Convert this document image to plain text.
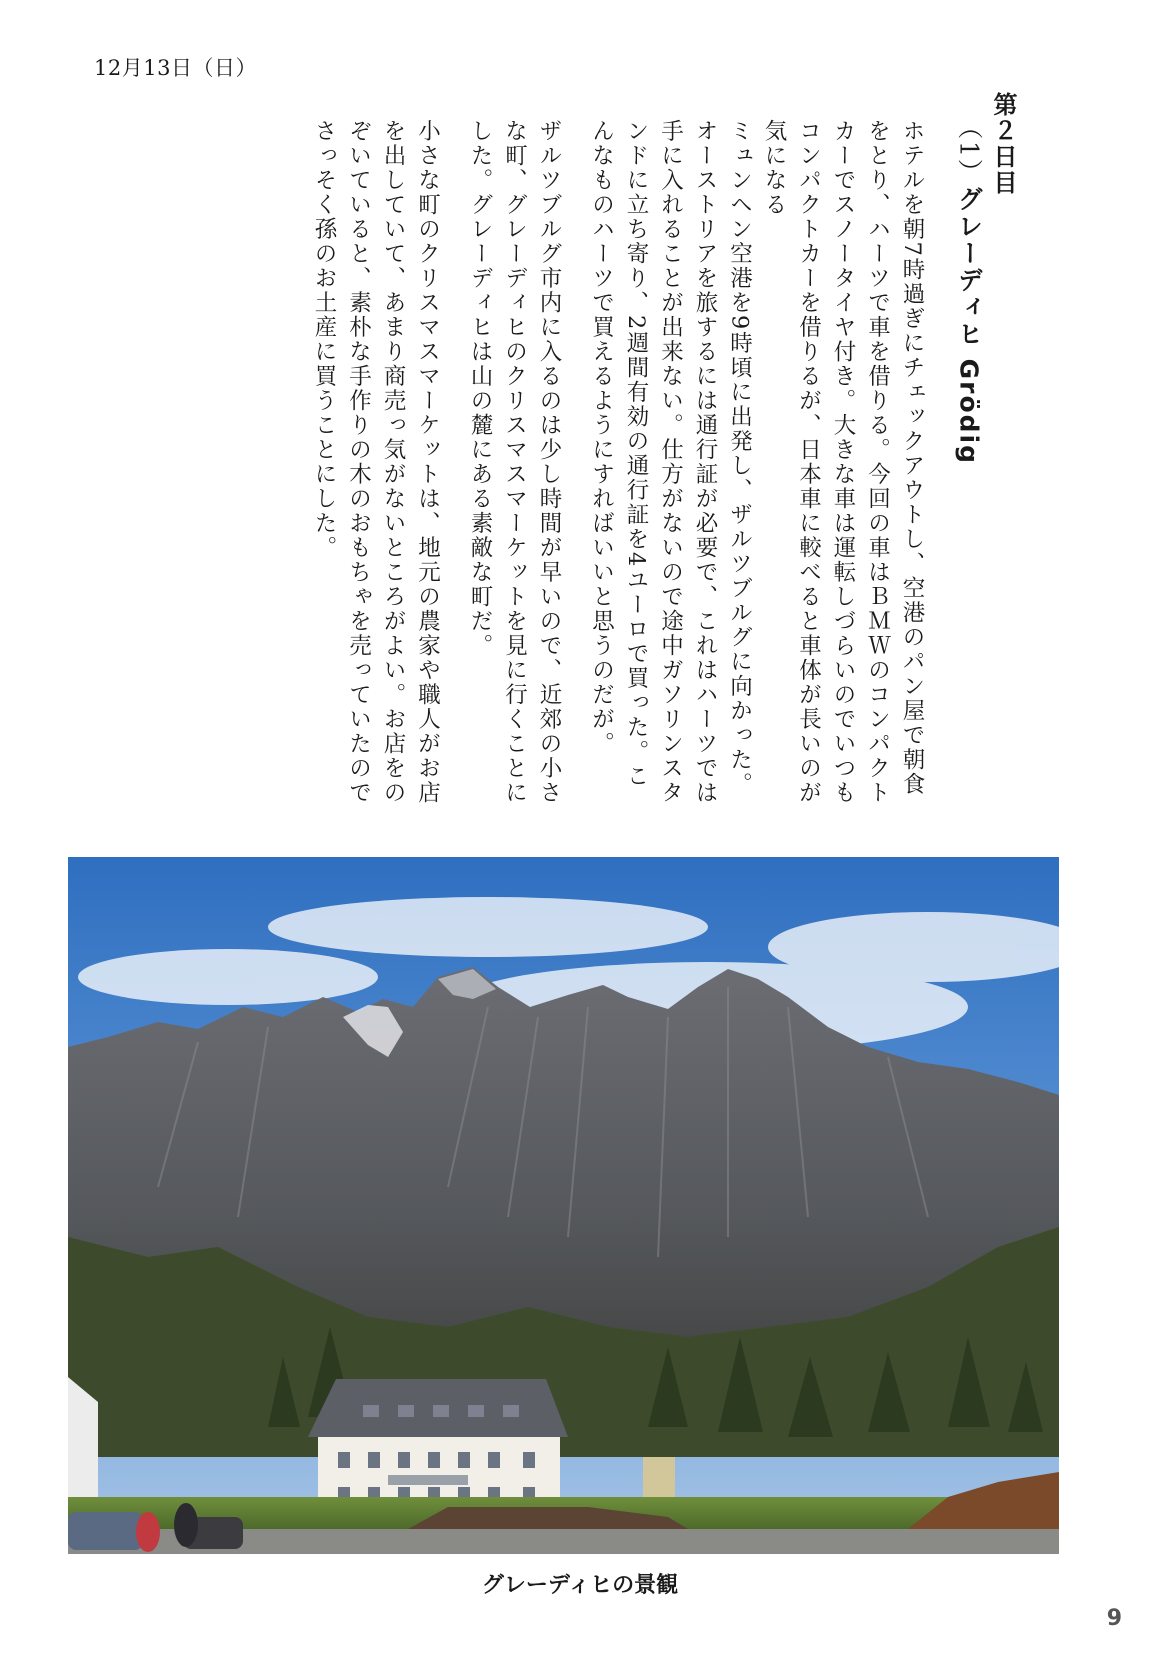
12月13日（日）
第２日目
（1）グレーディヒ Grödig

ホテルを朝7時過ぎにチェックアウトし、空港のパン屋で朝食をとり、ハーツで車を借りる。今回の車はＢＭＷのコンパクトカーでスノータイヤ付き。大きな車は運転しづらいのでいつもコンパクトカーを借りるが、日本車に較べると車体が長いのが気になる

ミュンヘン空港を9時頃に出発し、ザルツブルグに向かった。オーストリアを旅するには通行証が必要で、これはハーツでは手に入れることが出来ない。仕方がないので途中ガソリンスタンドに立ち寄り、2週間有効の通行証を4ユーロで買った。こんなものハーツで買えるようにすればいいと思うのだが。

ザルツブルグ市内に入るのは少し時間が早いので、近郊の小さな町、グレーディヒのクリスマスマーケットを見に行くことにした。グレーディヒは山の麓にある素敵な町だ。

小さな町のクリスマスマーケットは、地元の農家や職人がお店を出していて、あまり商売っ気がないところがよい。お店をのぞいていると、素朴な手作りの木のおもちゃを売っていたのでさっそく孫のお土産に買うことにした。

グレーディヒの景観
9
